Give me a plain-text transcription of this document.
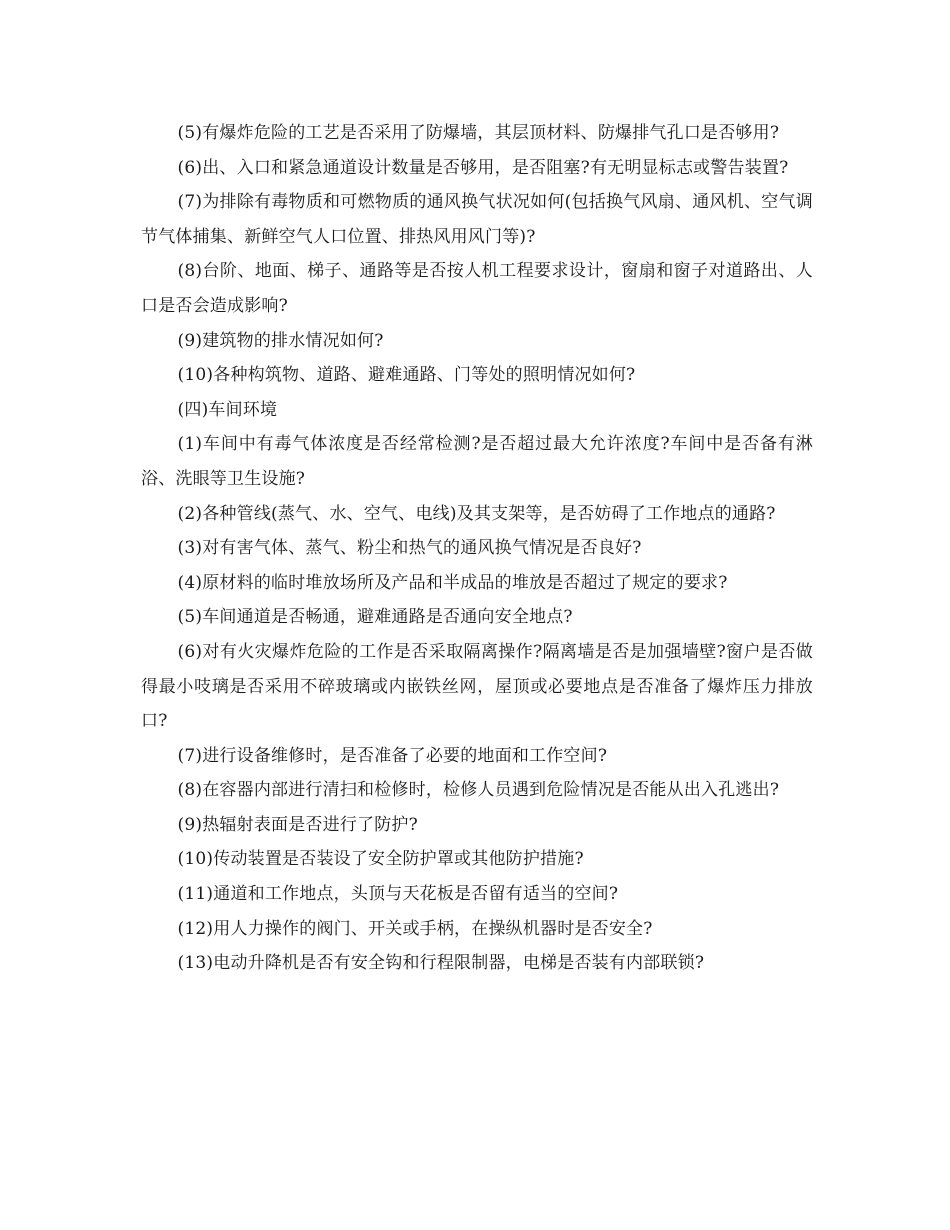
(5)有爆炸危险的工艺是否采用了防爆墙，其层顶材料、防爆排气孔口是否够用?

(6)出、入口和紧急通道设计数量是否够用，是否阻塞?有无明显标志或警告装置?

(7)为排除有毒物质和可燃物质的通风换气状况如何(包括换气风扇、通风机、空气调节气体捕集、新鲜空气人口位置、排热风用风门等)?

(8)台阶、地面、梯子、通路等是否按人机工程要求设计，窗扇和窗子对道路出、人口是否会造成影响?

(9)建筑物的排水情况如何?

(10)各种构筑物、道路、避难通路、门等处的照明情况如何?

(四)车间环境

(1)车间中有毒气体浓度是否经常检测?是否超过最大允许浓度?车间中是否备有淋浴、洗眼等卫生设施?

(2)各种管线(蒸气、水、空气、电线)及其支架等，是否妨碍了工作地点的通路?

(3)对有害气体、蒸气、粉尘和热气的通风换气情况是否良好?

(4)原材料的临时堆放场所及产品和半成品的堆放是否超过了规定的要求?

(5)车间通道是否畅通，避难通路是否通向安全地点?

(6)对有火灾爆炸危险的工作是否采取隔离操作?隔离墙是否是加强墙壁?窗户是否做得最小吱璃是否采用不碎玻璃或内嵌铁丝网，屋顶或必要地点是否准备了爆炸压力排放口?

(7)进行设备维修时，是否准备了必要的地面和工作空间?

(8)在容器内部进行清扫和检修时，检修人员遇到危险情况是否能从出入孔逃出?

(9)热辐射表面是否进行了防护?

(10)传动装置是否装设了安全防护罩或其他防护措施?

(11)通道和工作地点，头顶与天花板是否留有适当的空间?

(12)用人力操作的阀门、开关或手柄，在操纵机器时是否安全?

(13)电动升降机是否有安全钩和行程限制器，电梯是否装有内部联锁?
